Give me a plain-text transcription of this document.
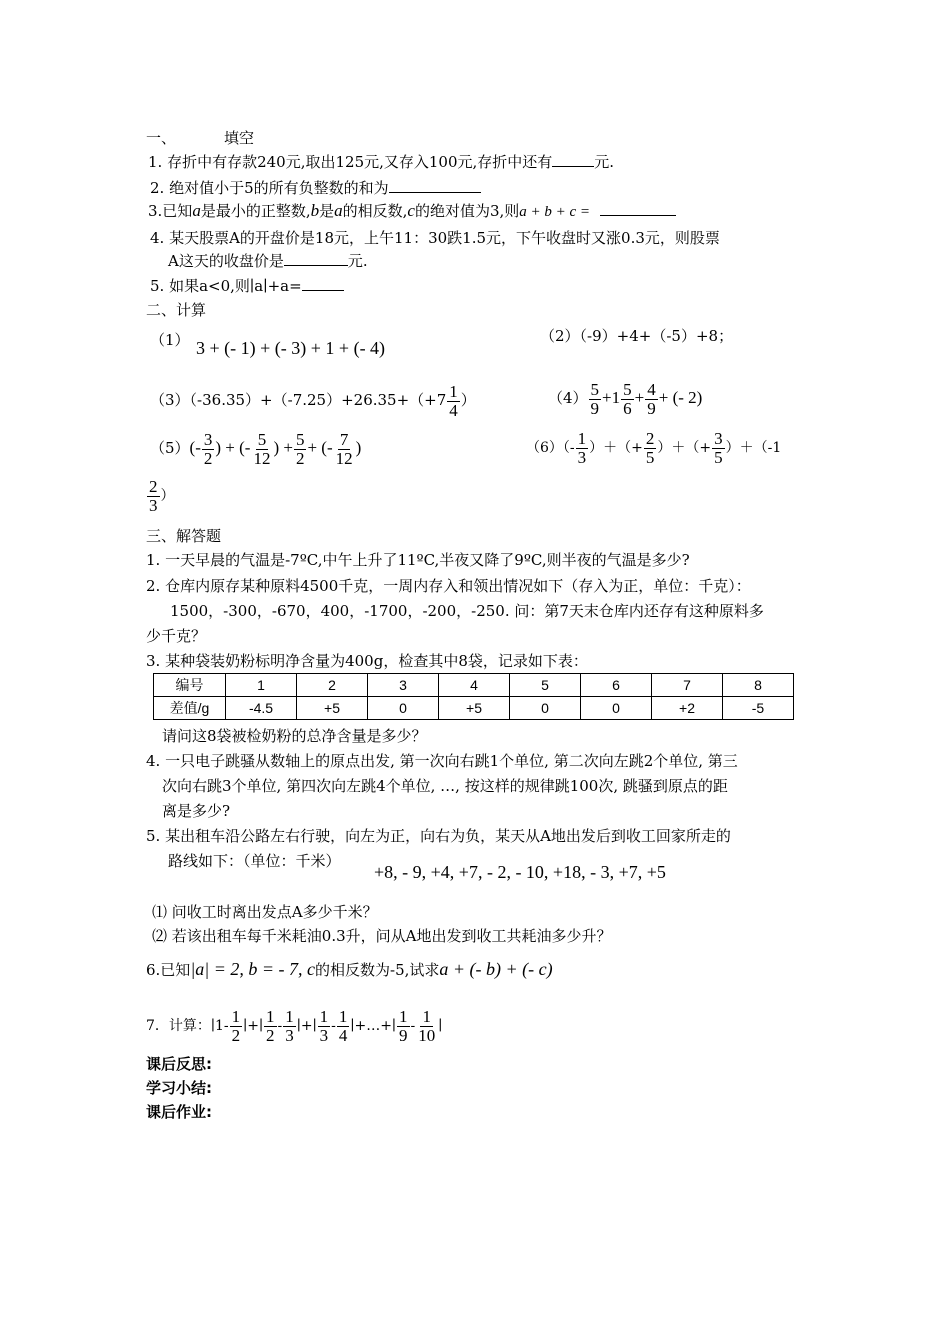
一、	填空
1. 存折中有存款240元,取出125元,又存入100元,存折中还有	元.
2. 绝对值小于5的所有负整数的和为
3.已知a是最小的正整数,b是a的相反数,c的绝对值为3,则a + b + c =
4. 某天股票A的开盘价是18元，上午11：30跌1.5元，下午收盘时又涨0.3元，则股票
A这天的收盘价是	元.
5. 如果a<0,则∣a∣+a=
二、计算
（1） 3 + (- 1) + (- 3) + 1 + (- 4)
（2）（-9）+4+（-5）+8；
$(3)(-36.35)+(-7.25)+26.35+(+7 \frac{1}{4}$ ）	$(4) \frac{5}{9} +1 \frac{5}{6} + \frac{4}{9}$ + (- 2)
$(5)(- \frac{3}{2}$ ) + (- $\frac{5}{12}$ ) + $\frac{5}{2}$ + (- $\frac{7}{12}$ )	$(6)(- \frac{1}{3}$ ）＋（+ $\frac{2}{5}$ ）＋（+ $\frac{3}{5} )+(-1$
$\frac{2}{3}$ ）
三、解答题
1. 一天早晨的气温是-7ºC,中午上升了11ºC,半夜又降了9ºC,则半夜的气温是多少?
2. 仓库内原存某种原料4500千克，一周内存入和领出情况如下（存入为正，单位：千克）：
1500，-300，-670，400，-1700，-200，-250. 问：第7天末仓库内还存有这种原料多
少千克？
3. 某种袋装奶粉标明净含量为400g，检查其中8袋，记录如下表：
编号	1	2	3	4	5	6	7	8
差值/g	-4.5	+5	0	+5	0	0	+2	-5
请问这8袋被检奶粉的总净含量是多少？
4. 一只电子跳骚从数轴上的原点出发, 第一次向右跳1个单位, 第二次向左跳2个单位, 第三
次向右跳3个单位, 第四次向左跳4个单位, …, 按这样的规律跳100次, 跳骚到原点的距
离是多少?
5. 某出租车沿公路左右行驶，向左为正，向右为负，某天从A地出发后到收工回家所走的
路线如下：（单位：千米）
+8, - 9, +4, +7, - 2, - 10, +18, - 3, +7, +5
⑴ 问收工时离出发点A多少千米？
⑵ 若该出租车每千米耗油0.3升，问从A地出发到收工共耗油多少升？
6.已知|a| = 2, b = - 7, c的相反数为-5,试求a + (- b) + (- c)
7．计算：∣1- $\frac{1}{2}$ ∣+∣ $\frac{1}{2} - \frac{1}{3}$ ∣+∣ $\frac{1}{3} - \frac{1}{4}$ ∣+…+∣ $\frac{1}{9} - \frac{1}{10}$ ∣
课后反思:
学习小结:
课后作业:
